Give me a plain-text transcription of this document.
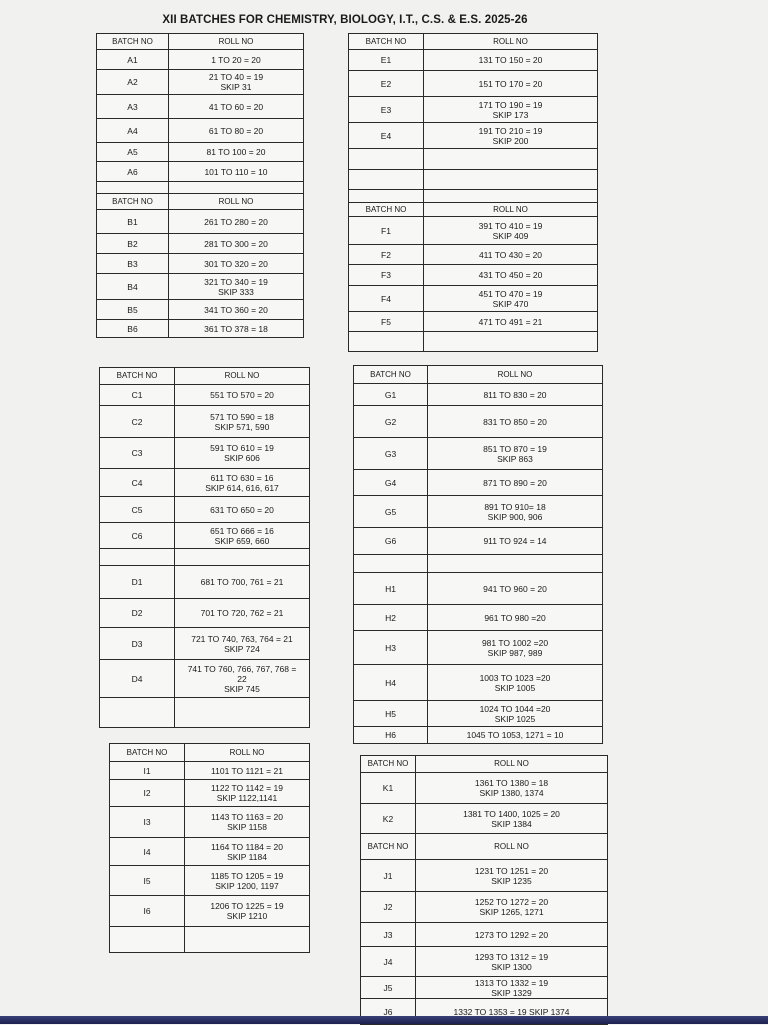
XII BATCHES FOR CHEMISTRY, BIOLOGY, I.T., C.S. & E.S. 2025-26
BATCH NO	ROLL NO

A1	1 TO 20 = 20

A2	21 TO 40 = 19
SKIP 31

A3	41 TO 60 = 20

A4	61 TO 80 = 20

A5	81 TO 100 = 20

A6	101 TO 110 = 10

BATCH NO	ROLL NO

B1	261 TO 280 = 20

B2	281 TO 300 = 20

B3	301 TO 320 = 20

B4	321 TO 340 = 19
SKIP 333

B5	341 TO 360 = 20

B6	361 TO 378 = 18
BATCH NO	ROLL NO

E1	131 TO 150 = 20

E2	151 TO 170 = 20

E3	171 TO 190 = 19
SKIP 173

E4	191 TO 210 = 19
SKIP 200

BATCH NO	ROLL NO

F1	391 TO 410 = 19
SKIP 409

F2	411 TO 430 = 20

F3	431 TO 450 = 20

F4	451 TO 470 = 19
SKIP 470

F5	471 TO 491 = 21

BATCH NO	ROLL NO

C1	551 TO 570 = 20

C2	571 TO 590 = 18
SKIP 571, 590

C3	591 TO 610 = 19
SKIP 606

C4	611 TO 630 = 16
SKIP 614, 616, 617

C5	631 TO 650 = 20

C6	651 TO 666 = 16
SKIP 659, 660

D1	681 TO 700, 761 = 21

D2	701 TO 720, 762 = 21

D3	721 TO 740, 763, 764 = 21
SKIP 724

D4	741 TO 760, 766, 767, 768 =
22
SKIP 745

BATCH NO	ROLL NO

G1	811 TO 830 = 20

G2	831 TO 850 = 20

G3	851 TO 870 = 19
SKIP 863

G4	871 TO 890 = 20

G5	891 TO 910= 18
SKIP 900, 906

G6	911 TO 924 = 14

H1	941 TO 960 = 20

H2	961 TO 980 =20

H3	981 TO 1002 =20
SKIP 987, 989

H4	1003 TO 1023 =20
SKIP 1005

H5	1024 TO 1044 =20
SKIP 1025

H6	1045 TO 1053, 1271 = 10
BATCH NO	ROLL NO

I1	1101 TO 1121 = 21

I2	1122 TO 1142 = 19
SKIP 1122,1141

I3	1143 TO 1163 = 20
SKIP 1158

I4	1164 TO 1184 = 20
SKIP 1184

I5	1185 TO 1205 = 19
SKIP 1200, 1197

I6	1206 TO 1225 = 19
SKIP 1210

BATCH NO	ROLL NO

K1	1361 TO 1380 = 18
SKIP 1380, 1374

K2	1381 TO 1400, 1025 = 20
SKIP 1384

BATCH NO	ROLL NO

J1	1231 TO 1251 = 20
SKIP 1235

J2	1252 TO 1272 = 20
SKIP 1265, 1271

J3	1273 TO 1292 = 20

J4	1293 TO 1312 = 19
SKIP 1300

J5	1313 TO 1332 = 19
SKIP 1329

J6	1332 TO 1353 = 19 SKIP 1374
